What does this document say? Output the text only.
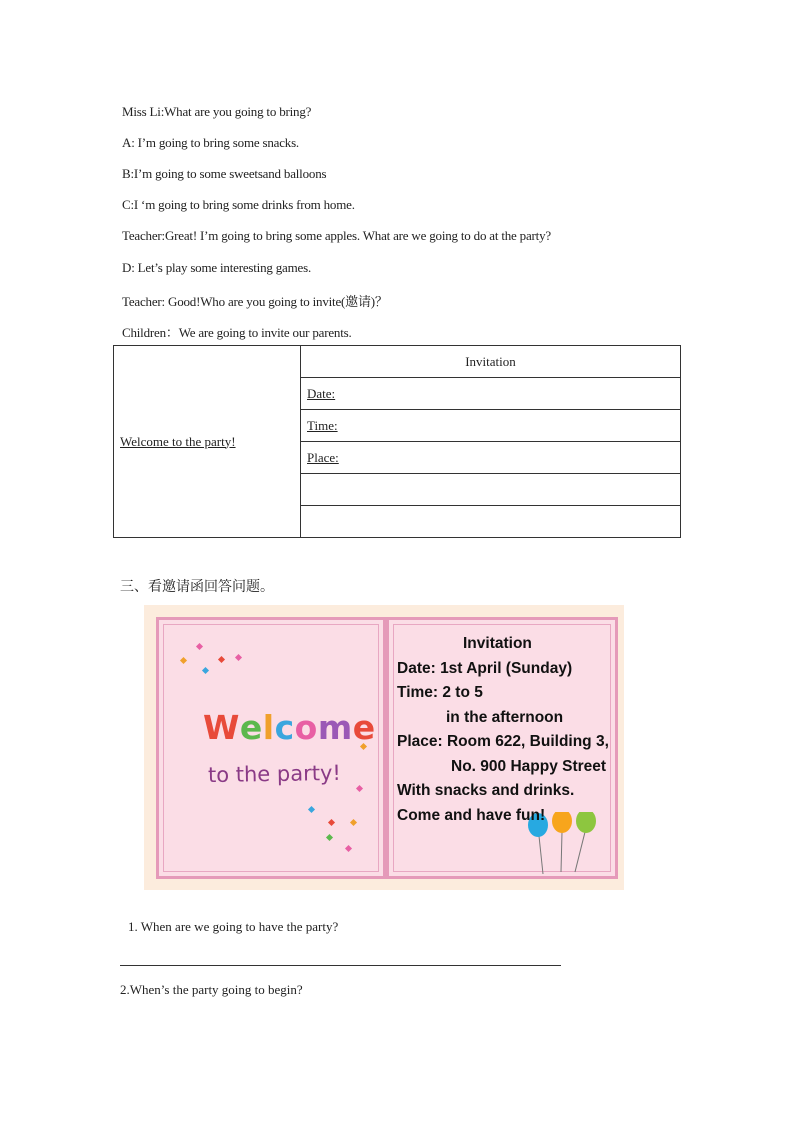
Miss Li:What are you going to bring?
A: I’m going to bring some snacks.
B:I’m going to some sweetsand balloons
C:I ‘m going to bring some drinks from home.
Teacher:Great! I’m going to bring some apples. What are we going to do at the party?
D: Let’s play some interesting games.
Teacher: Good!Who are you going to invite(邀请)？
Children：We are going to invite our parents.
Welcome to the party!	Invitation
Date:
Time:
Place:

三、看邀请函回答问题。
Welcome
to the party!
Invitation
Date: 1st April (Sunday)
Time: 2 to 5
in the afternoon
Place: Room 622, Building 3,
No. 900 Happy Street
With snacks and drinks.
Come and have fun!
1. When are we going to have the party?
2.When’s the party going to begin?
